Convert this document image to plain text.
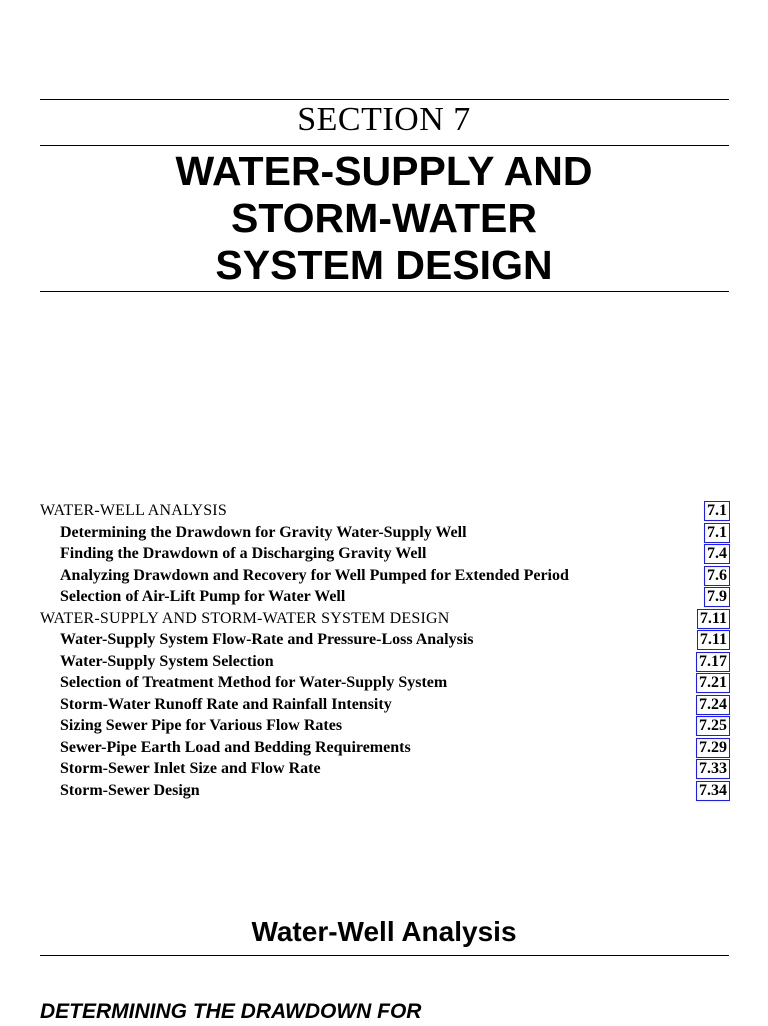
SECTION 7
WATER-SUPPLY AND
STORM-WATER
SYSTEM DESIGN
WATER-WELL ANALYSIS	7.1
Determining the Drawdown for Gravity Water-Supply Well	7.1
Finding the Drawdown of a Discharging Gravity Well	7.4
Analyzing Drawdown and Recovery for Well Pumped for Extended Period	7.6
Selection of Air-Lift Pump for Water Well	7.9
WATER-SUPPLY AND STORM-WATER SYSTEM DESIGN	7.11
Water-Supply System Flow-Rate and Pressure-Loss Analysis	7.11
Water-Supply System Selection	7.17
Selection of Treatment Method for Water-Supply System	7.21
Storm-Water Runoff Rate and Rainfall Intensity	7.24
Sizing Sewer Pipe for Various Flow Rates	7.25
Sewer-Pipe Earth Load and Bedding Requirements	7.29
Storm-Sewer Inlet Size and Flow Rate	7.33
Storm-Sewer Design	7.34
Water-Well Analysis
DETERMINING THE DRAWDOWN FOR
